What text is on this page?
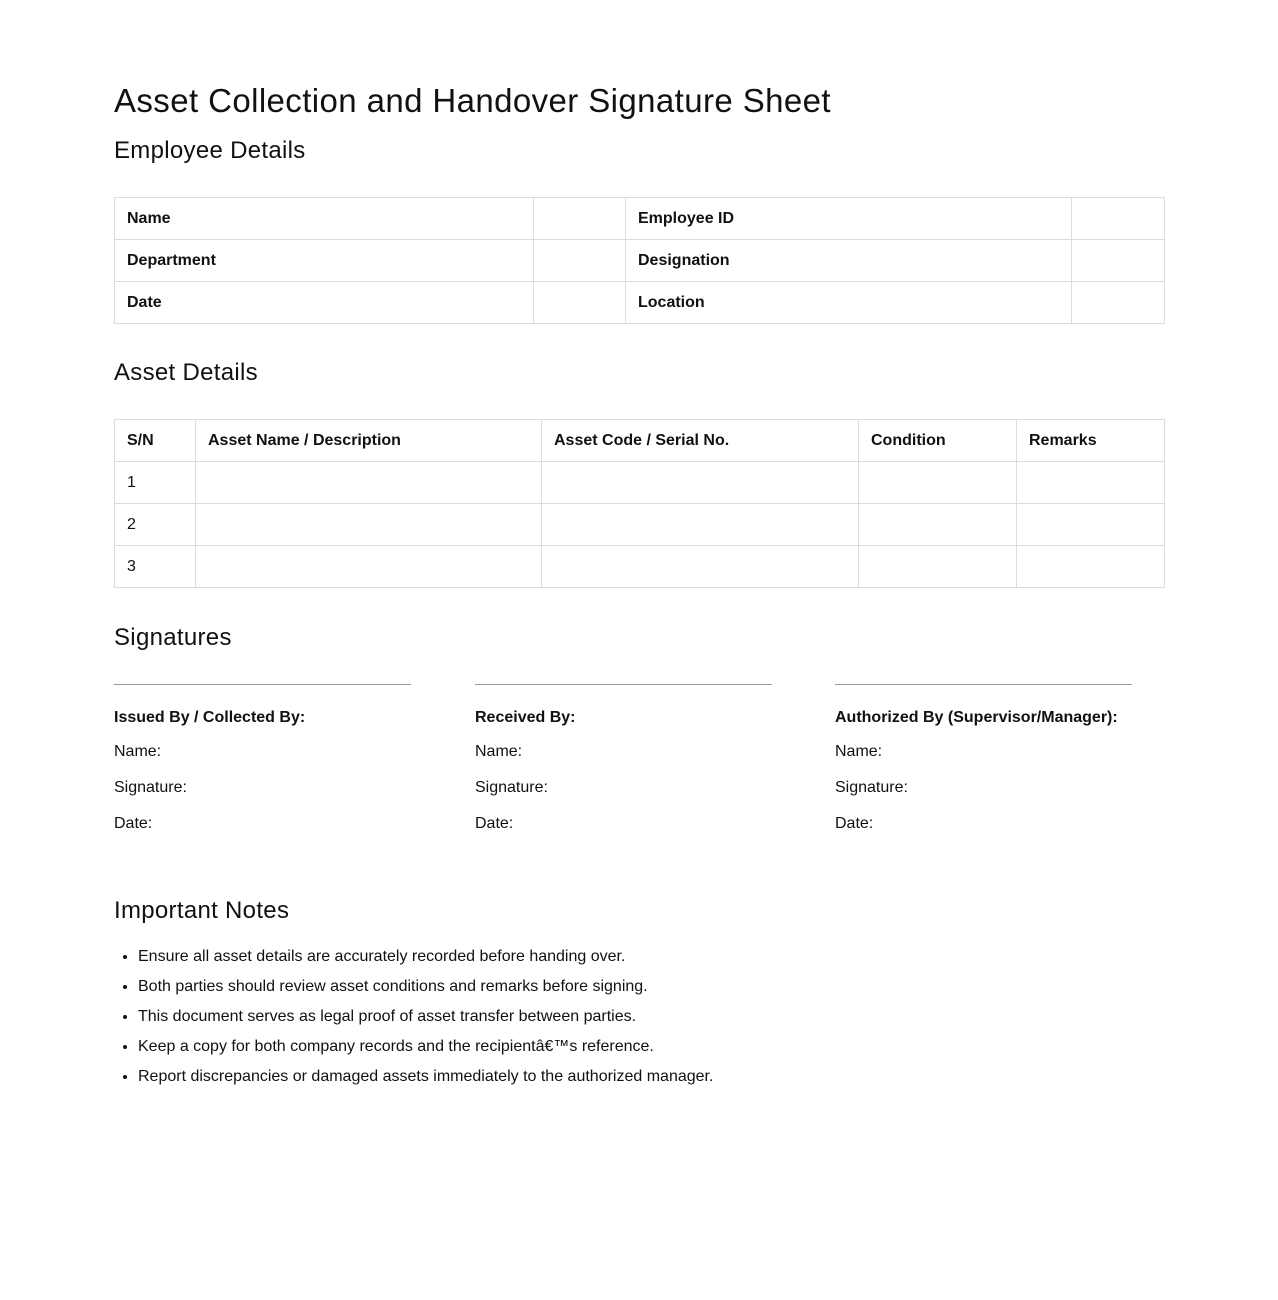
Asset Collection and Handover Signature Sheet
Employee Details
Name		Employee ID	
Department		Designation	
Date		Location	
Asset Details
S/N	Asset Name / Description	Asset Code / Serial No.	Condition	Remarks
1				
2				
3				
Signatures
Issued By / Collected By:
Name:
Signature:
Date:
Received By:
Name:
Signature:
Date:
Authorized By (Supervisor/Manager):
Name:
Signature:
Date:
Important Notes
• Ensure all asset details are accurately recorded before handing over.
• Both parties should review asset conditions and remarks before signing.
• This document serves as legal proof of asset transfer between parties.
• Keep a copy for both company records and the recipientâ€™s reference.
• Report discrepancies or damaged assets immediately to the authorized manager.
